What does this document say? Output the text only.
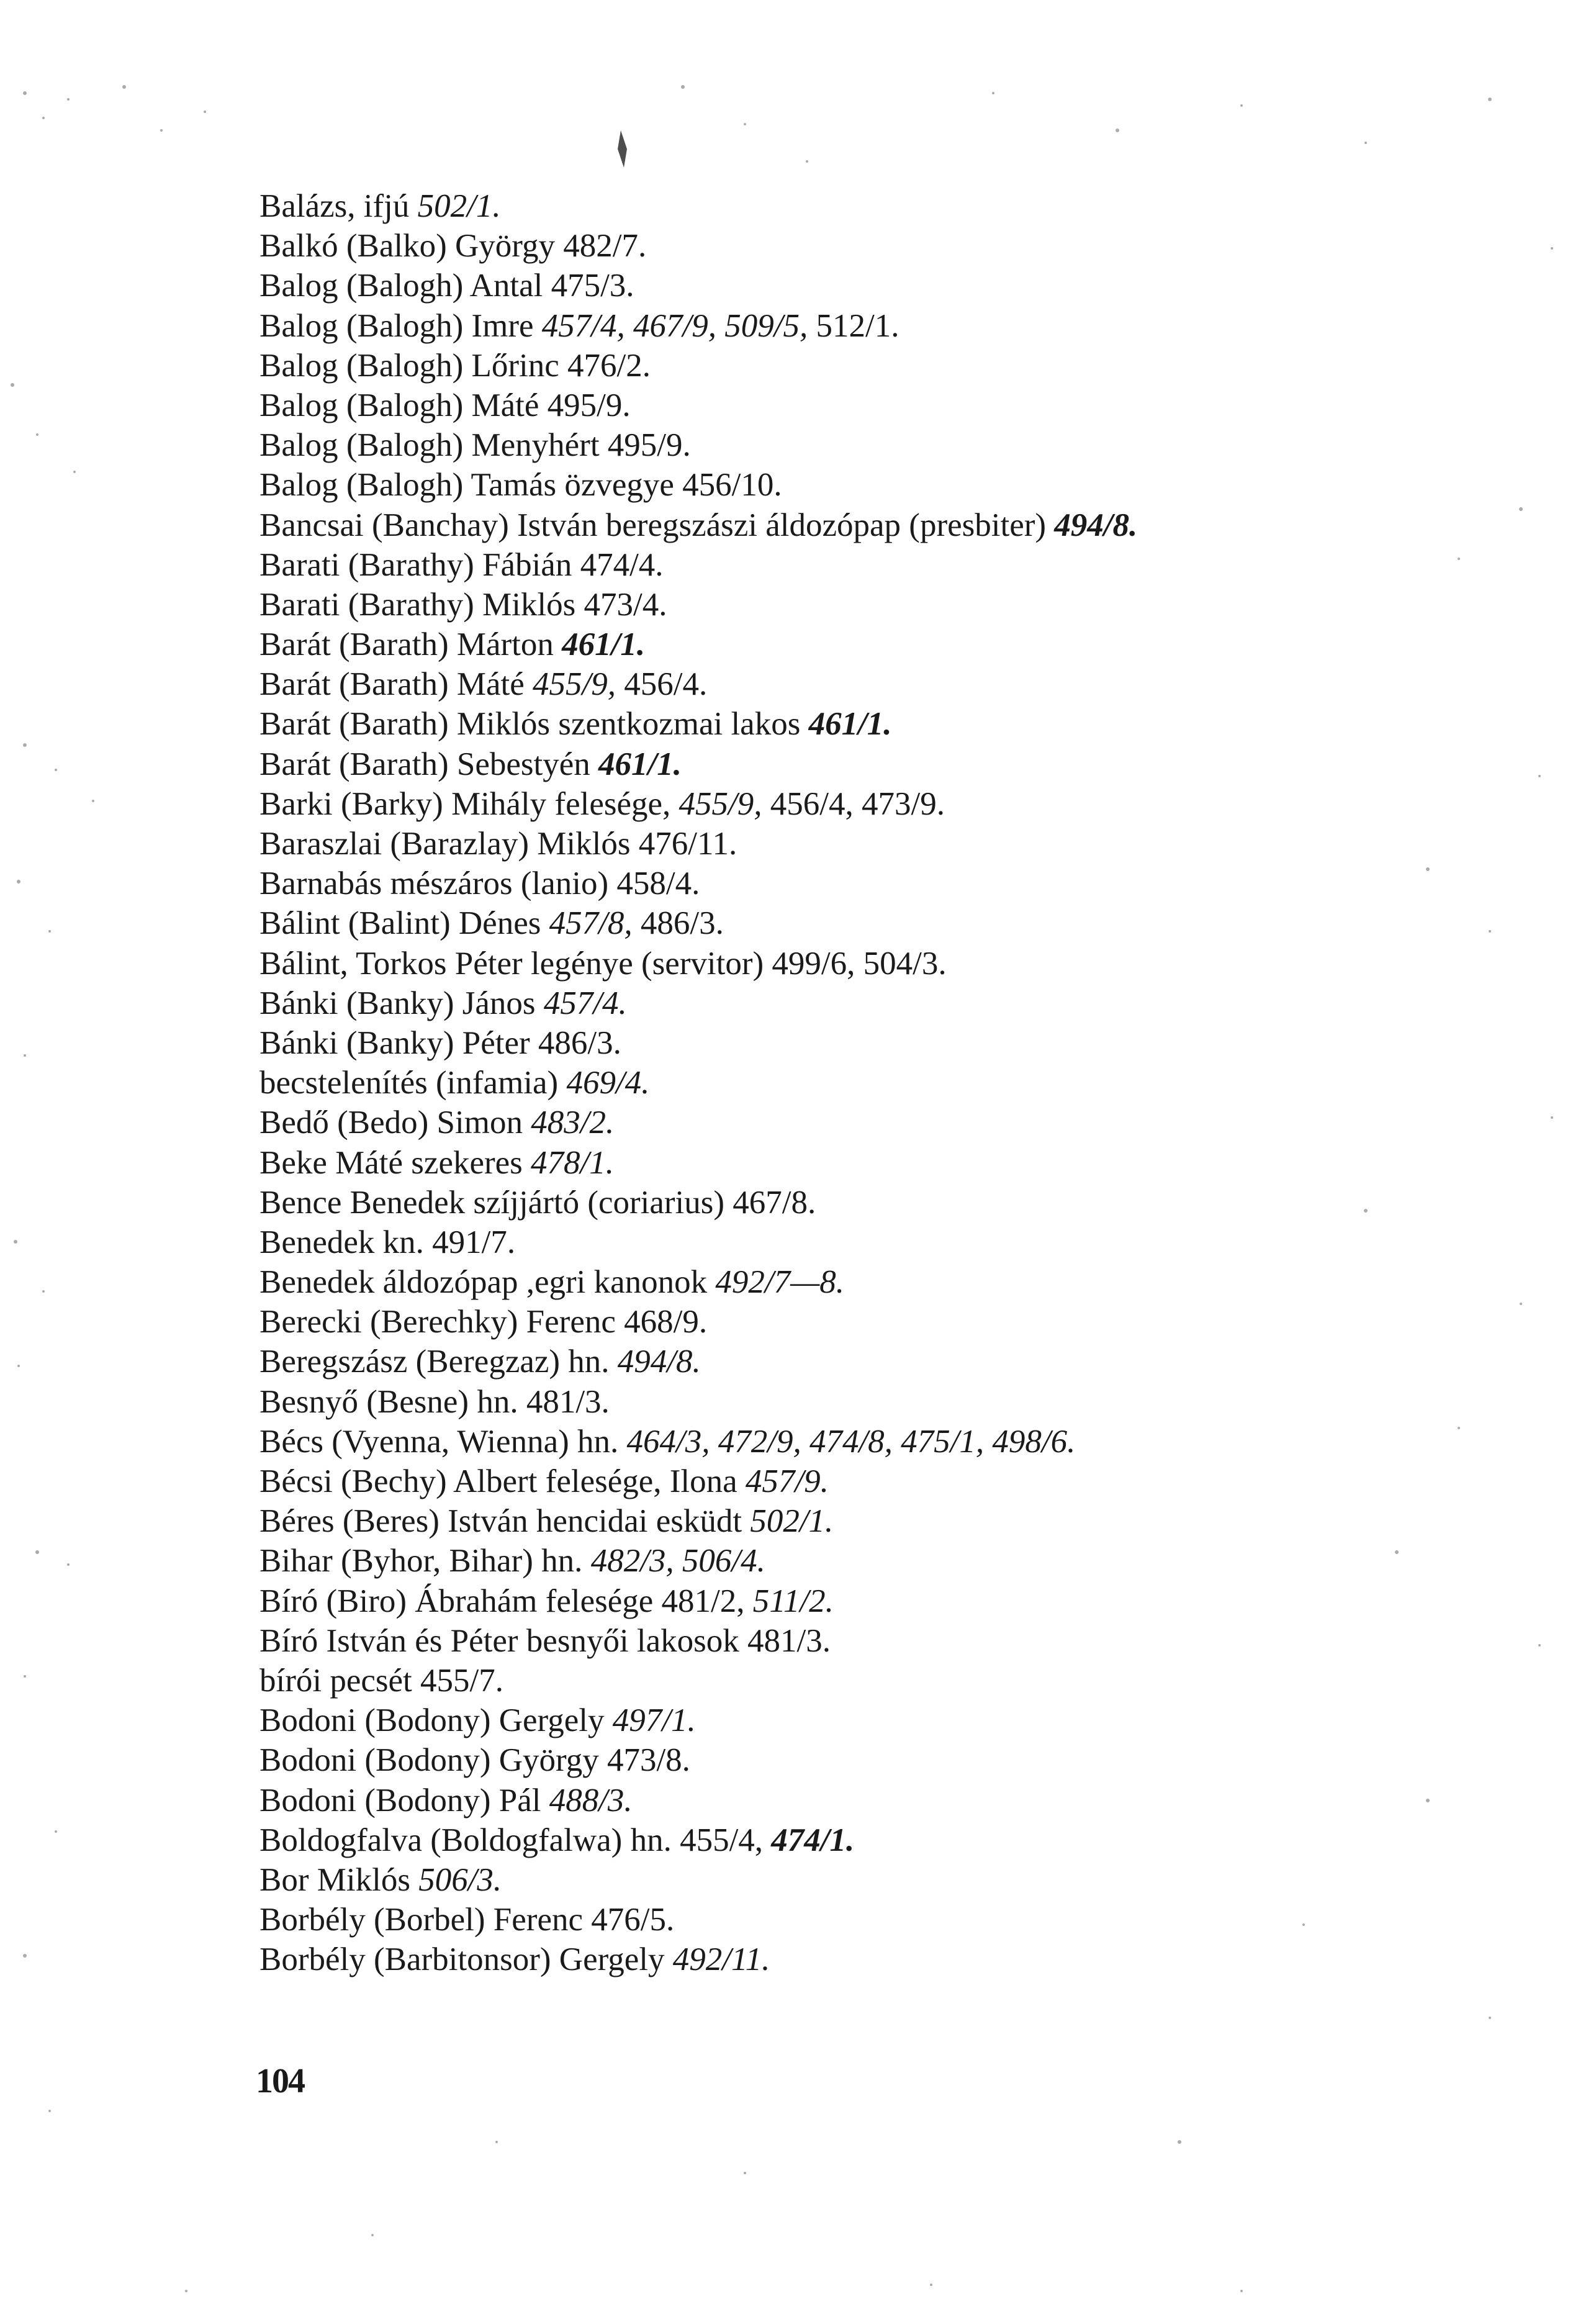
Balázs, ifjú 502/1.
Balkó (Balko) György 482/7.
Balog (Balogh) Antal 475/3.
Balog (Balogh) Imre 457/4, 467/9, 509/5, 512/1.
Balog (Balogh) Lőrinc 476/2.
Balog (Balogh) Máté 495/9.
Balog (Balogh) Menyhért 495/9.
Balog (Balogh) Tamás özvegye 456/10.
Bancsai (Banchay) István beregszászi áldozópap (presbiter) 494/8.
Barati (Barathy) Fábián 474/4.
Barati (Barathy) Miklós 473/4.
Barát (Barath) Márton 461/1.
Barát (Barath) Máté 455/9, 456/4.
Barát (Barath) Miklós szentkozmai lakos 461/1.
Barát (Barath) Sebestyén 461/1.
Barki (Barky) Mihály felesége, 455/9, 456/4, 473/9.
Baraszlai (Barazlay) Miklós 476/11.
Barnabás mészáros (lanio) 458/4.
Bálint (Balint) Dénes 457/8, 486/3.
Bálint, Torkos Péter legénye (servitor) 499/6, 504/3.
Bánki (Banky) János 457/4.
Bánki (Banky) Péter 486/3.
becstelenítés (infamia) 469/4.
Bedő (Bedo) Simon 483/2.
Beke Máté szekeres 478/1.
Bence Benedek szíjjártó (coriarius) 467/8.
Benedek kn. 491/7.
Benedek áldozópap ,egri kanonok 492/7—8.
Berecki (Berechky) Ferenc 468/9.
Beregszász (Beregzaz) hn. 494/8.
Besnyő (Besne) hn. 481/3.
Bécs (Vyenna, Wienna) hn. 464/3, 472/9, 474/8, 475/1, 498/6.
Bécsi (Bechy) Albert felesége, Ilona 457/9.
Béres (Beres) István hencidai esküdt 502/1.
Bihar (Byhor, Bihar) hn. 482/3, 506/4.
Bíró (Biro) Ábrahám felesége 481/2, 511/2.
Bíró István és Péter besnyői lakosok 481/3.
bírói pecsét 455/7.
Bodoni (Bodony) Gergely 497/1.
Bodoni (Bodony) György 473/8.
Bodoni (Bodony) Pál 488/3.
Boldogfalva (Boldogfalwa) hn. 455/4, 474/1.
Bor Miklós 506/3.
Borbély (Borbel) Ferenc 476/5.
Borbély (Barbitonsor) Gergely 492/11.
104
